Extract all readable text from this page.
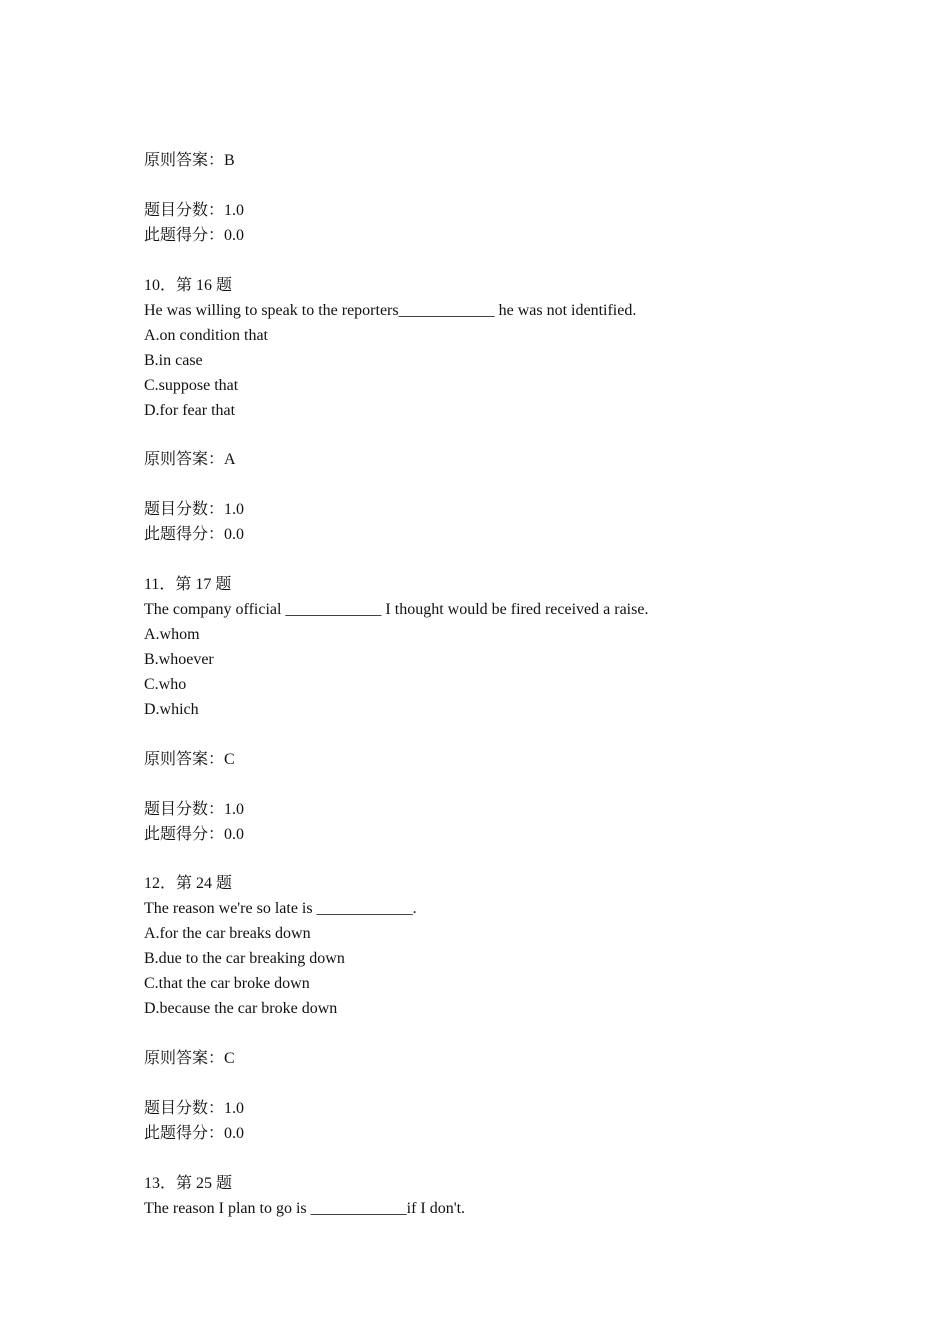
原则答案：B
题目分数：1.0
此题得分：0.0
10．第 16 题
He was willing to speak to the reporters____________ he was not identified.
A.on condition that
B.in case
C.suppose that
D.for fear that
原则答案：A
题目分数：1.0
此题得分：0.0
11．第 17 题
The company official ____________ I thought would be fired received a raise.
A.whom
B.whoever
C.who
D.which
原则答案：C
题目分数：1.0
此题得分：0.0
12．第 24 题
The reason we're so late is ____________.
A.for the car breaks down
B.due to the car breaking down
C.that the car broke down
D.because the car broke down
原则答案：C
题目分数：1.0
此题得分：0.0
13．第 25 题
The reason I plan to go is ____________if I don't.
